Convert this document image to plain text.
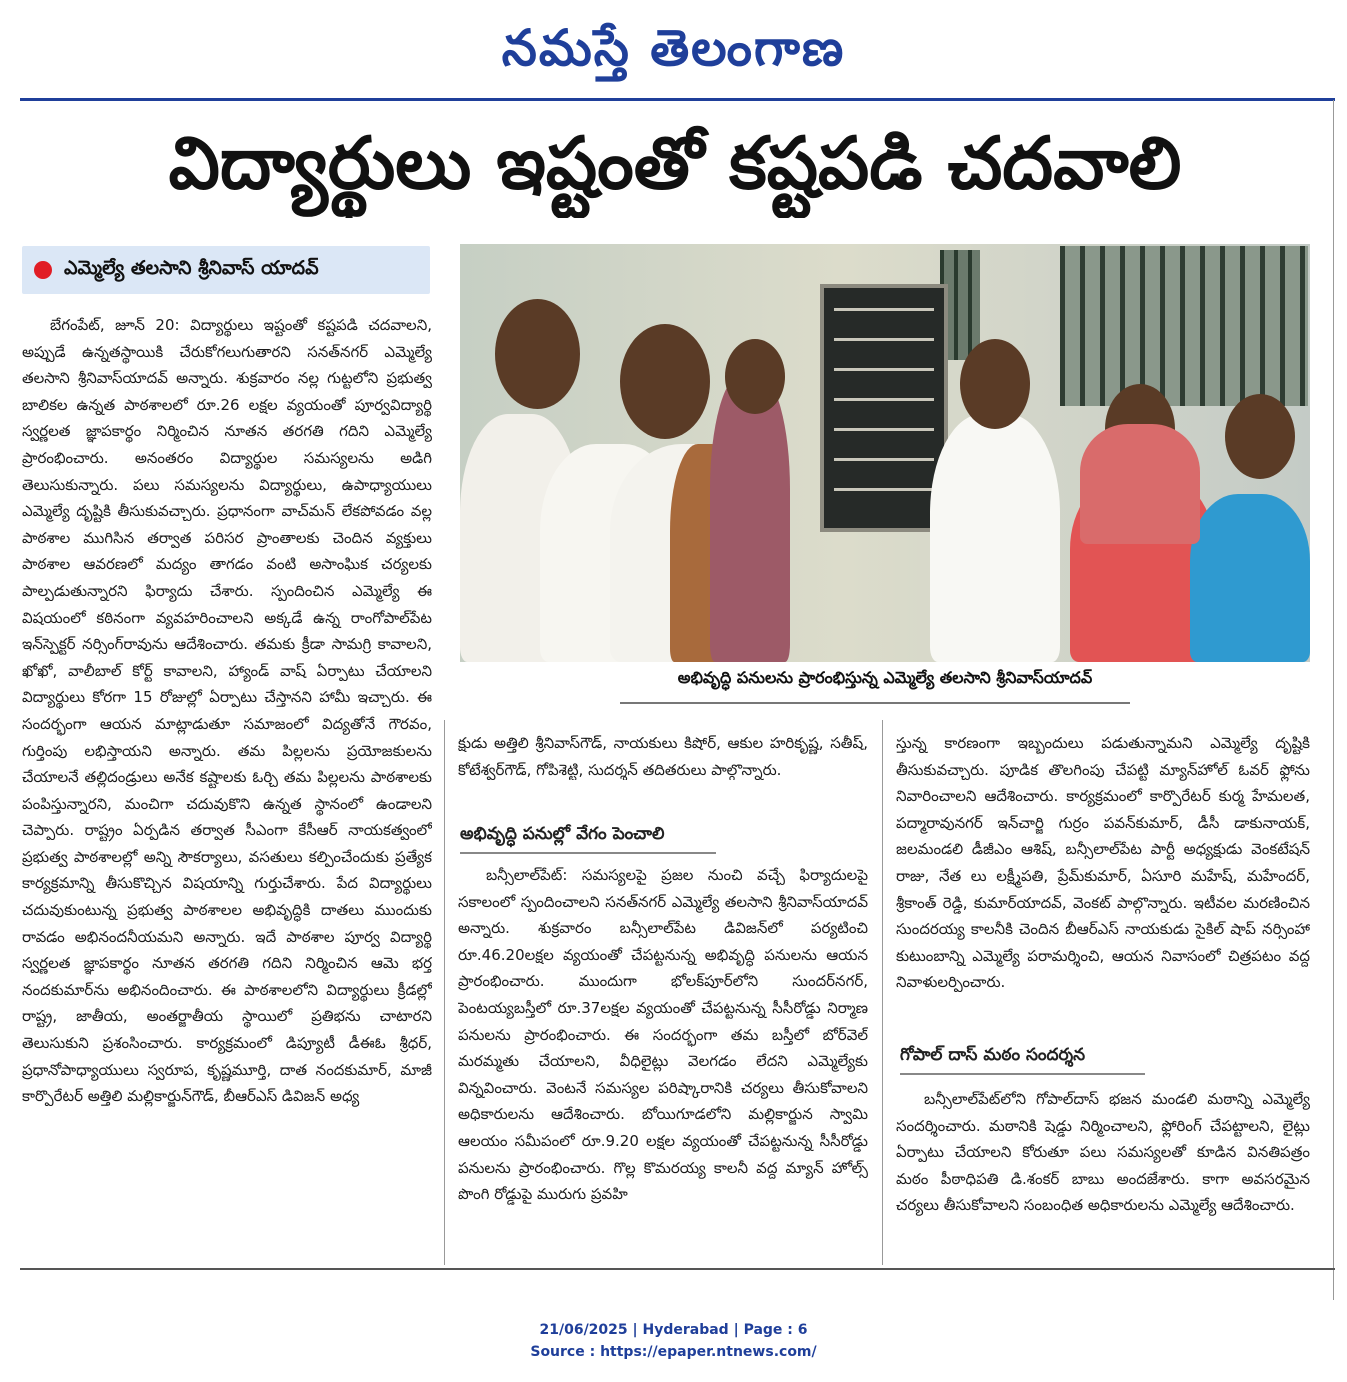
నమస్తే తెలంగాణ
విద్యార్థులు ఇష్టంతో కష్టపడి చదవాలి
ఎమ్మెల్యే తలసాని శ్రీనివాస్ యాదవ్

బేగంపేట్, జూన్ 20: విద్యార్థులు ఇష్టంతో కష్టపడి చదవాలని, అప్పుడే ఉన్నతస్థాయికి చేరుకోగలుగుతారని సనత్‌నగర్ ఎమ్మెల్యే తలసాని శ్రీనివాస్‌యాదవ్ అన్నారు. శుక్రవారం నల్ల గుట్టలోని ప్రభుత్వ బాలికల ఉన్నత పాఠశాలలో రూ.26 లక్షల వ్యయంతో పూర్వవిద్యార్థి స్వర్ణలత జ్ఞాపకార్థం నిర్మించిన నూతన తరగతి గదిని ఎమ్మెల్యే ప్రారంభించారు. అనంతరం విద్యార్థుల సమస్యలను అడిగి తెలుసుకున్నారు. పలు సమస్యలను విద్యార్థులు, ఉపాధ్యాయులు ఎమ్మెల్యే దృష్టికి తీసుకువచ్చారు. ప్రధానంగా వాచ్‌మన్ లేకపోవడం వల్ల పాఠశాల ముగిసిన తర్వాత పరిసర ప్రాంతాలకు చెందిన వ్యక్తులు పాఠశాల ఆవరణలో మద్యం తాగడం వంటి అసాంఘిక చర్యలకు పాల్పడుతున్నారని ఫిర్యాదు చేశారు. స్పందించిన ఎమ్మెల్యే ఈ విషయంలో కఠినంగా వ్యవహరించాలని అక్కడే ఉన్న రాంగోపాల్‌పేట ఇన్‌స్పెక్టర్ నర్సింగ్‌రావును ఆదేశించారు. తమకు క్రీడా సామగ్రి కావాలని, ఖోఖో, వాలీబాల్ కోర్ట్ కావాలని, హ్యాండ్ వాష్ ఏర్పాటు చేయాలని విద్యార్థులు కోరగా 15 రోజుల్లో ఏర్పాటు చేస్తానని హామీ ఇచ్చారు. ఈ సందర్భంగా ఆయన మాట్లాడుతూ సమాజంలో విద్యతోనే గౌరవం, గుర్తింపు లభిస్తాయని అన్నారు. తమ పిల్లలను ప్రయోజకులను చేయాలనే తల్లిదండ్రులు అనేక కష్టాలకు ఓర్చి తమ పిల్లలను పాఠశాలకు పంపిస్తున్నారని, మంచిగా చదువుకొని ఉన్నత స్థానంలో ఉండాలని చెప్పారు. రాష్ట్రం ఏర్పడిన తర్వాత సీఎంగా కేసీఆర్ నాయకత్వంలో ప్రభుత్వ పాఠశాలల్లో అన్ని సౌకర్యాలు, వసతులు కల్పించేందుకు ప్రత్యేక కార్యక్రమాన్ని తీసుకొచ్చిన విషయాన్ని గుర్తుచేశారు. పేద విద్యార్థులు చదువుకుంటున్న ప్రభుత్వ పాఠశాలల అభివృద్ధికి దాతలు ముందుకు రావడం అభినందనీయమని అన్నారు. ఇదే పాఠశాల పూర్వ విద్యార్థి స్వర్ణలత జ్ఞాపకార్థం నూతన తరగతి గదిని నిర్మించిన ఆమె భర్త నందకుమార్‌ను అభినందించారు. ఈ పాఠశాలలోని విద్యార్థులు క్రీడల్లో రాష్ట్ర, జాతీయ, అంతర్జాతీయ స్థాయిలో ప్రతిభను చాటారని తెలుసుకుని ప్రశంసించారు. కార్యక్రమంలో డిప్యూటీ డీఈఓ శ్రీధర్, ప్రధానోపాధ్యాయులు స్వరూప, కృష్ణమూర్తి, దాత నందకుమార్, మాజీ కార్పొరేటర్ అత్తిలి మల్లికార్జున్‌గౌడ్, బీఆర్‌ఎస్ డివిజన్ అధ్య

అభివృద్ధి పనులను ప్రారంభిస్తున్న ఎమ్మెల్యే తలసాని శ్రీనివాస్‌యాదవ్

క్షుడు అత్తిలి శ్రీనివాస్‌గౌడ్, నాయకులు కిషోర్, ఆకుల హరికృష్ణ, సతీష్, కోటేశ్వర్‌గౌడ్, గోపిశెట్టి, సుదర్శన్ తదితరులు పాల్గొన్నారు.

అభివృద్ధి పనుల్లో వేగం పెంచాలి

బన్సీలాల్‌పేట్: సమస్యలపై ప్రజల నుంచి వచ్చే ఫిర్యాదులపై సకాలంలో స్పందించాలని సనత్‌నగర్ ఎమ్మెల్యే తలసాని శ్రీనివాస్‌యాదవ్ అన్నారు. శుక్రవారం బన్సీలాల్‌పేట డివిజన్‌లో పర్యటించి రూ.46.20లక్షల వ్యయంతో చేపట్టనున్న అభివృద్ధి పనులను ఆయన ప్రారంభించారు. ముందుగా భోలక్‌పూర్‌లోని సుందర్‌నగర్, పెంటయ్యబస్తీలో రూ.37లక్షల వ్యయంతో చేపట్టనున్న సీసీరోడ్డు నిర్మాణ పనులను ప్రారంభించారు. ఈ సందర్భంగా తమ బస్తీలో బోర్‌వెల్ మరమ్మతు చేయాలని, వీధిలైట్లు వెలగడం లేదని ఎమ్మెల్యేకు విన్నవించారు. వెంటనే సమస్యల పరిష్కారానికి చర్యలు తీసుకోవాలని అధికారులను ఆదేశించారు. బోయిగూడలోని మల్లికార్జున స్వామి ఆలయం సమీపంలో రూ.9.20 లక్షల వ్యయంతో చేపట్టనున్న సీసీరోడ్డు పనులను ప్రారంభించారు. గొల్ల కొమరయ్య కాలనీ వద్ద మ్యాన్ హోల్స్ పొంగి రోడ్డుపై మురుగు ప్రవహి

స్తున్న కారణంగా ఇబ్బందులు పడుతున్నామని ఎమ్మెల్యే దృష్టికి తీసుకువచ్చారు. పూడిక తొలగింపు చేపట్టి మ్యాన్‌హోల్ ఓవర్ ఫ్లోను నివారించాలని ఆదేశించారు. కార్యక్రమంలో కార్పొరేటర్ కుర్మ హేమలత, పద్మారావునగర్ ఇన్‌చార్జి గుర్రం పవన్‌కుమార్, డీసీ డాకునాయక్, జలమండలి డీజీఎం ఆశిష్, బన్సీలాల్‌పేట పార్టీ అధ్యక్షుడు వెంకటేషన్ రాజు, నేత లు లక్ష్మీపతి, ప్రేమ్‌కుమార్, ఏసూరి మహేష్, మహేందర్, శ్రీకాంత్ రెడ్డి, కుమార్‌యాదవ్, వెంకట్ పాల్గొన్నారు. ఇటీవల మరణించిన సుందరయ్య కాలనీకి చెందిన బీఆర్‌ఎస్ నాయకుడు సైకిల్ షాప్ నర్సింహా కుటుంబాన్ని ఎమ్మెల్యే పరామర్శించి, ఆయన నివాసంలో చిత్రపటం వద్ద నివాళులర్పించారు.

గోపాల్ దాస్ మఠం సందర్శన

బన్సీలాల్‌పేట్‌లోని గోపాల్‌దాస్ భజన మండలి మఠాన్ని ఎమ్మెల్యే సందర్శించారు. మఠానికి షెడ్డు నిర్మించాలని, ఫ్లోరింగ్ చేపట్టాలని, లైట్లు ఏర్పాటు చేయాలని కోరుతూ పలు సమస్యలతో కూడిన వినతిపత్రం మఠం పీఠాధిపతి డి.శంకర్ బాబు అందజేశారు. కాగా అవసరమైన చర్యలు తీసుకోవాలని సంబంధిత అధికారులను ఎమ్మెల్యే ఆదేశించారు.

21/06/2025 | Hyderabad | Page : 6
Source : https://epaper.ntnews.com/
